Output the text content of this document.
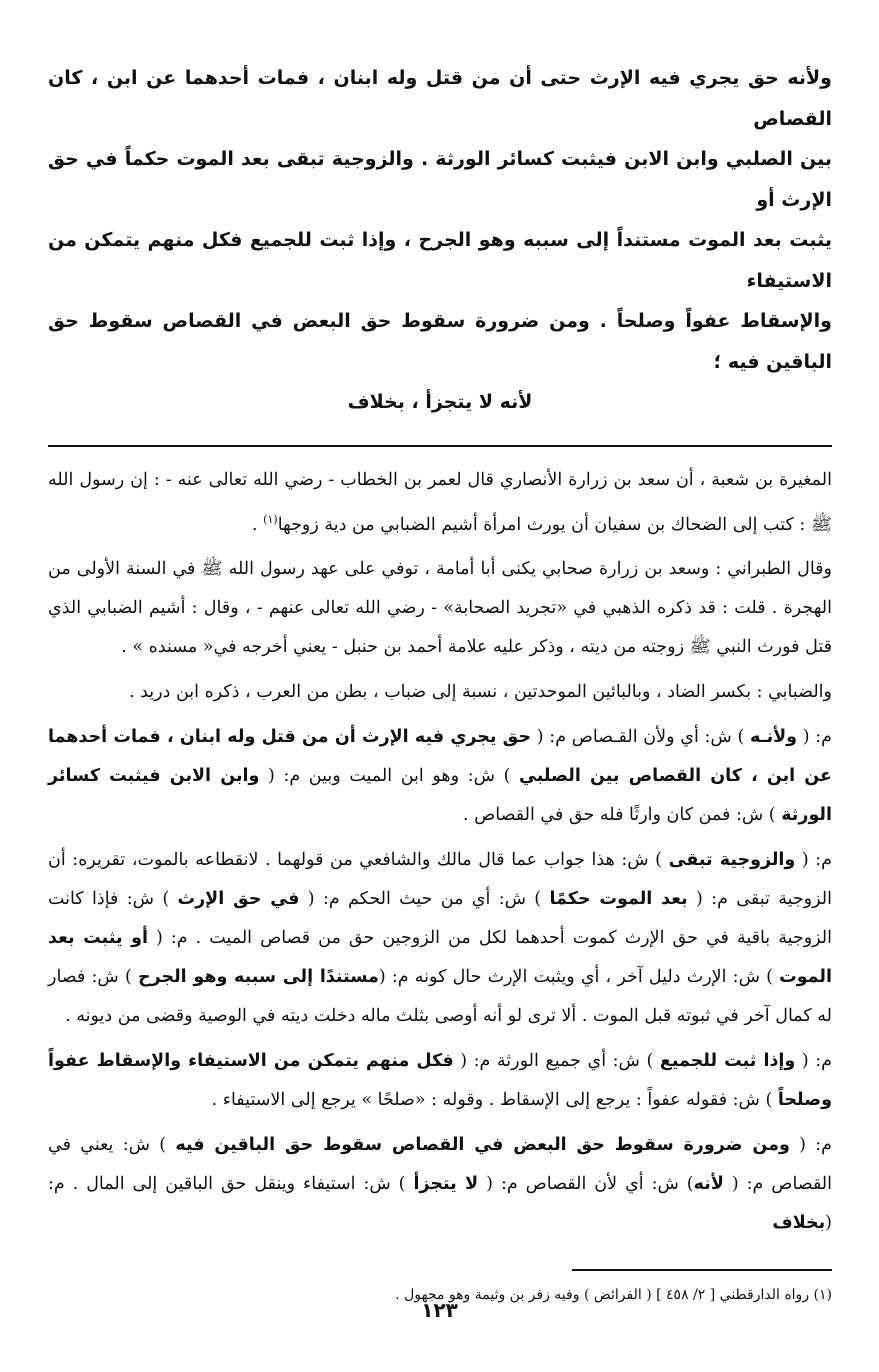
ولأنه حق يجري فيه الإرث حتى أن من قتل وله ابنان ، فمات أحدهما عن ابن ، كان القصاص

بين الصلبي وابن الابن فيثبت كسائر الورثة . والزوجية تبقى بعد الموت حكماً في حق الإرث أو

يثبت بعد الموت مستنداً إلى سببه وهو الجرح ، وإذا ثبت للجميع فكل منهم يتمكن من الاستيفاء

والإسقاط عفواً وصلحاً . ومن ضرورة سقوط حق البعض في القصاص سقوط حق الباقين فيه ؛

لأنه لا يتجزأ ، بخلاف

المغيرة بن شعبة ، أن سعد بن زرارة الأنصاري قال لعمر بن الخطاب - رضي الله تعالى عنه - : إن رسول الله ﷺ : كتب إلى الضحاك بن سفيان أن يورث امرأة أشيم الضبابي من دية زوجها$^{(١)}$ .

وقال الطبراني : وسعد بن زرارة صحابي يكنى أبا أمامة ، توفي على عهد رسول الله ﷺ في السنة الأولى من الهجرة . قلت : قد ذكره الذهبي في «تجريد الصحابة» - رضي الله تعالى عنهم - ، وقال : أشيم الضبابي الذي قتل فورث النبي ﷺ زوجته من ديته ، وذكر عليه علامة أحمد بن حنبل - يعني أخرجه في« مسنده » .

والضبابي : بكسر الضاد ، وبالبائين الموحدتين ، نسبة إلى ضباب ، بطن من العرب ، ذكره ابن دريد .

م: ( ولأنـه ) ش: أي ولأن القـصاص م: ( حق يجري فيه الإرث أن من قتل وله ابنان ، فمات أحدهما عن ابن ، كان القصاص بين الصلبي ) ش: وهو ابن الميت وبين م: ( وابن الابن فيثبت كسائر الورثة ) ش: فمن كان وارثًا فله حق في القصاص .

م: ( والزوجية تبقى ) ش: هذا جواب عما قال مالك والشافعي من قولهما . لانقطاعه بالموت، تقريره: أن الزوجية تبقى م: ( بعد الموت حكمًا ) ش: أي من حيث الحكم م: ( في حق الإرث ) ش: فإذا كانت الزوجية باقية في حق الإرث كموت أحدهما لكل من الزوجين حق من قصاص الميت . م: ( أو يثبت بعد الموت ) ش: الإرث دليل آخر ، أي ويثبت الإرث حال كونه م: (مستندًا إلى سببه وهو الجرح ) ش: فصار له كمال آخر في ثبوته قبل الموت . ألا ترى لو أنه أوصى بثلث ماله دخلت ديته في الوصية وقضى من ديونه .

م: ( وإذا ثبت للجميع ) ش: أي جميع الورثة م: ( فكل منهم يتمكن من الاستيفاء والإسقاط عفواً وصلحاً ) ش: فقوله عفواً : يرجع إلى الإسقاط . وقوله : «صلحًا » يرجع إلى الاستيفاء .

م: ( ومن ضرورة سقوط حق البعض في القصاص سقوط حق الباقين فيه ) ش: يعني في القصاص م: ( لأنه) ش: أي لأن القصاص م: ( لا يتجزأ ) ش: استيفاء وينقل حق الباقين إلى المال . م: (بخلاف

(١) رواه الدارقطني [ ٢/ ٤٥٨ ] ( الفرائض ) وفيه زفر بن وثيمة وهو مجهول .
١٢٣
